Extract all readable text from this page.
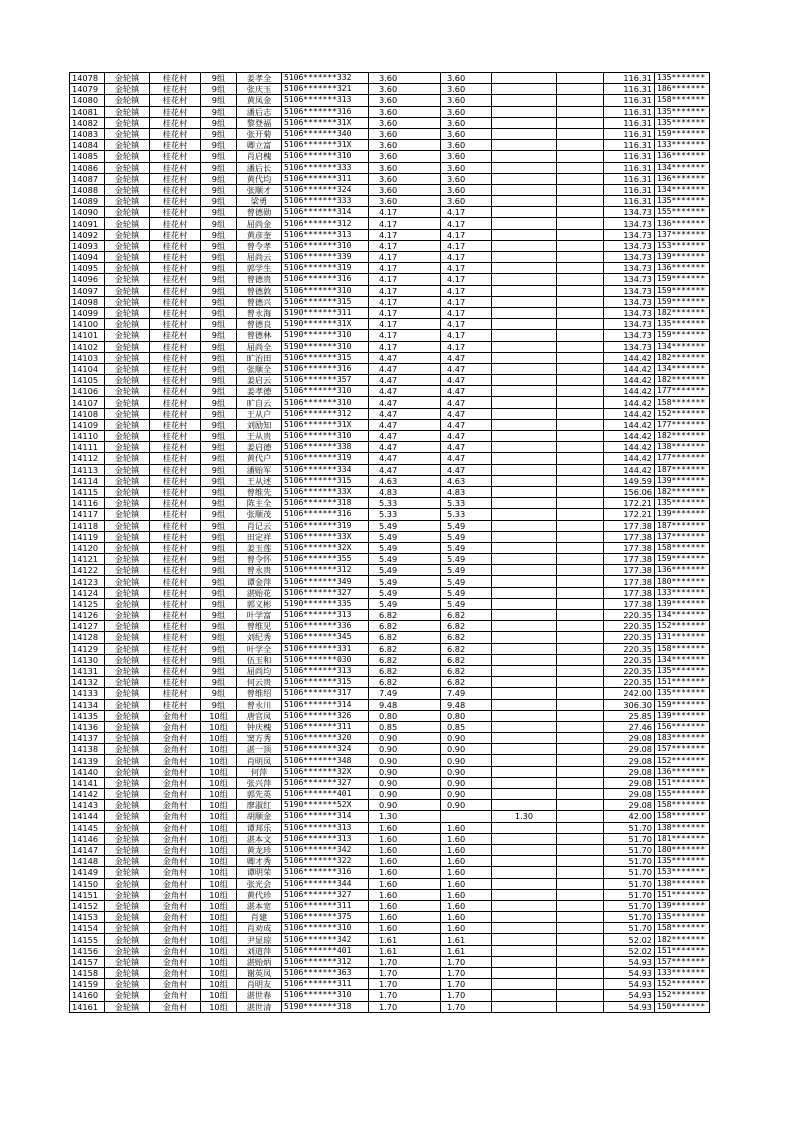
14078	金轮镇	桂花村	9组	姜孝全	5106*******332	3.60	3.60			116.31	135*******
14079	金轮镇	桂花村	9组	张庆玉	5106*******321	3.60	3.60			116.31	186*******
14080	金轮镇	桂花村	9组	黄凤金	5106*******313	3.60	3.60			116.31	158*******
14081	金轮镇	桂花村	9组	潘后志	5106*******316	3.60	3.60			116.31	135*******
14082	金轮镇	桂花村	9组	黎登福	5106*******31X	3.60	3.60			116.31	135*******
14083	金轮镇	桂花村	9组	张开菊	5106*******340	3.60	3.60			116.31	159*******
14084	金轮镇	桂花村	9组	卿立富	5106*******31X	3.60	3.60			116.31	133*******
14085	金轮镇	桂花村	9组	肖启槐	5106*******310	3.60	3.60			116.31	136*******
14086	金轮镇	桂花村	9组	潘后长	5106*******333	3.60	3.60			116.31	134*******
14087	金轮镇	桂花村	9组	黄代均	5106*******311	3.60	3.60			116.31	136*******
14088	金轮镇	桂花村	9组	张顺才	5106*******324	3.60	3.60			116.31	134*******
14089	金轮镇	桂花村	9组	梁勇	5106*******333	3.60	3.60			116.31	135*******
14090	金轮镇	桂花村	9组	曾德勋	5106*******314	4.17	4.17			134.73	155*******
14091	金轮镇	桂花村	9组	屈尚金	5106*******312	4.17	4.17			134.73	136*******
14092	金轮镇	桂花村	9组	黄彦奎	5106*******313	4.17	4.17			134.73	137*******
14093	金轮镇	桂花村	9组	曾令孝	5106*******310	4.17	4.17			134.73	153*******
14094	金轮镇	桂花村	9组	屈尚云	5106*******339	4.17	4.17			134.73	139*******
14095	金轮镇	桂花村	9组	郭学生	5106*******319	4.17	4.17			134.73	136*******
14096	金轮镇	桂花村	9组	曾德贵	5106*******316	4.17	4.17			134.73	159*******
14097	金轮镇	桂花村	9组	曾德敦	5106*******310	4.17	4.17			134.73	159*******
14098	金轮镇	桂花村	9组	曾德兴	5106*******315	4.17	4.17			134.73	159*******
14099	金轮镇	桂花村	9组	曾永海	5190*******311	4.17	4.17			134.73	182*******
14100	金轮镇	桂花村	9组	曾德良	5190*******31X	4.17	4.17			134.73	135*******
14101	金轮镇	桂花村	9组	曾德林	5190*******310	4.17	4.17			134.73	159*******
14102	金轮镇	桂花村	9组	屈尚全	5190*******310	4.17	4.17			134.73	134*******
14103	金轮镇	桂花村	9组	旷治田	5106*******315	4.47	4.47			144.42	182*******
14104	金轮镇	桂花村	9组	张顺全	5106*******316	4.47	4.47			144.42	134*******
14105	金轮镇	桂花村	9组	姜启云	5106*******357	4.47	4.47			144.42	182*******
14106	金轮镇	桂花村	9组	姜孝德	5106*******310	4.47	4.47			144.42	177*******
14107	金轮镇	桂花村	9组	旷自云	5106*******310	4.47	4.47			144.42	158*******
14108	金轮镇	桂花村	9组	王从户	5106*******312	4.47	4.47			144.42	152*******
14109	金轮镇	桂花村	9组	刘励知	5106*******31X	4.47	4.47			144.42	177*******
14110	金轮镇	桂花村	9组	王从贵	5106*******310	4.47	4.47			144.42	182*******
14111	金轮镇	桂花村	9组	姜启德	5106*******338	4.47	4.47			144.42	138*******
14112	金轮镇	桂花村	9组	黄代户	5106*******319	4.47	4.47			144.42	177*******
14113	金轮镇	桂花村	9组	潘贻军	5106*******334	4.47	4.47			144.42	187*******
14114	金轮镇	桂花村	9组	王从述	5106*******315	4.63	4.63			149.59	139*******
14115	金轮镇	桂花村	9组	曾维先	5106*******33X	4.83	4.83			156.06	182*******
14116	金轮镇	桂花村	9组	陈主全	5106*******318	5.33	5.33			172.21	135*******
14117	金轮镇	桂花村	9组	张顺茂	5106*******316	5.33	5.33			172.21	139*******
14118	金轮镇	桂花村	9组	肖记云	5106*******319	5.49	5.49			177.38	187*******
14119	金轮镇	桂花村	9组	田定祥	5106*******33X	5.49	5.49			177.38	137*******
14120	金轮镇	桂花村	9组	姜玉莲	5106*******32X	5.49	5.49			177.38	158*******
14121	金轮镇	桂花村	9组	曾令怀	5106*******355	5.49	5.49			177.38	159*******
14122	金轮镇	桂花村	9组	曾永贵	5106*******312	5.49	5.49			177.38	136*******
14123	金轮镇	桂花村	9组	谭金萍	5106*******349	5.49	5.49			177.38	180*******
14124	金轮镇	桂花村	9组	湛贻花	5106*******327	5.49	5.49			177.38	133*******
14125	金轮镇	桂花村	9组	郭义彬	5190*******335	5.49	5.49			177.38	139*******
14126	金轮镇	桂花村	9组	叶学富	5106*******313	6.82	6.82			220.35	134*******
14127	金轮镇	桂花村	9组	曾维见	5106*******336	6.82	6.82			220.35	152*******
14128	金轮镇	桂花村	9组	刘纪秀	5106*******345	6.82	6.82			220.35	131*******
14129	金轮镇	桂花村	9组	叶学全	5106*******331	6.82	6.82			220.35	158*******
14130	金轮镇	桂花村	9组	伍玉和	5106*******030	6.82	6.82			220.35	134*******
14131	金轮镇	桂花村	9组	屈尚均	5106*******313	6.82	6.82			220.35	135*******
14132	金轮镇	桂花村	9组	何云贵	5106*******315	6.82	6.82			220.35	151*******
14133	金轮镇	桂花村	9组	曾维绍	5106*******317	7.49	7.49			242.00	135*******
14134	金轮镇	桂花村	9组	曾永川	5106*******314	9.48	9.48			306.30	159*******
14135	金轮镇	金角村	10组	唐官凤	5106*******326	0.80	0.80			25.85	139*******
14136	金轮镇	金角村	10组	钟庆槐	5106*******311	0.85	0.85			27.46	156*******
14137	金轮镇	金角村	10组	窦方秀	5106*******320	0.90	0.90			29.08	183*******
14138	金轮镇	金角村	10组	湛一顶	5106*******324	0.90	0.90			29.08	157*******
14139	金轮镇	金角村	10组	肖明凤	5106*******348	0.90	0.90			29.08	152*******
14140	金轮镇	金角村	10组	何萍	5106*******32X	0.90	0.90			29.08	136*******
14141	金轮镇	金角村	10组	张兴萍	5106*******327	0.90	0.90			29.08	151*******
14142	金轮镇	金角村	10组	郭先英	5106*******401	0.90	0.90			29.08	155*******
14143	金轮镇	金角村	10组	廖淑红	5190*******52X	0.90	0.90			29.08	158*******
14144	金轮镇	金角村	10组	胡顺金	5106*******314	1.30		1.30		42.00	158*******
14145	金轮镇	金角村	10组	谭邦乐	5106*******313	1.60	1.60			51.70	138*******
14146	金轮镇	金角村	10组	湛本文	5106*******313	1.60	1.60			51.70	181*******
14147	金轮镇	金角村	10组	黄龙珍	5106*******342	1.60	1.60			51.70	180*******
14148	金轮镇	金角村	10组	卿才秀	5106*******322	1.60	1.60			51.70	135*******
14149	金轮镇	金角村	10组	谭明荣	5106*******316	1.60	1.60			51.70	153*******
14150	金轮镇	金角村	10组	张光会	5106*******344	1.60	1.60			51.70	138*******
14151	金轮镇	金角村	10组	黄代珍	5106*******327	1.60	1.60			51.70	151*******
14152	金轮镇	金角村	10组	湛本宽	5106*******311	1.60	1.60			51.70	139*******
14153	金轮镇	金角村	10组	肖建	5106*******375	1.60	1.60			51.70	135*******
14154	金轮镇	金角村	10组	肖劝成	5106*******310	1.60	1.60			51.70	158*******
14155	金轮镇	金角村	10组	尹显琼	5106*******342	1.61	1.61			52.02	182*******
14156	金轮镇	金角村	10组	刘道萍	5106*******401	1.61	1.61			52.02	151*******
14157	金轮镇	金角村	10组	湛贻炳	5106*******312	1.70	1.70			54.93	157*******
14158	金轮镇	金角村	10组	谢英凤	5106*******363	1.70	1.70			54.93	133*******
14159	金轮镇	金角村	10组	肖明友	5106*******311	1.70	1.70			54.93	152*******
14160	金轮镇	金角村	10组	湛世春	5106*******310	1.70	1.70			54.93	152*******
14161	金轮镇	金角村	10组	湛世清	5190*******318	1.70	1.70			54.93	150*******
